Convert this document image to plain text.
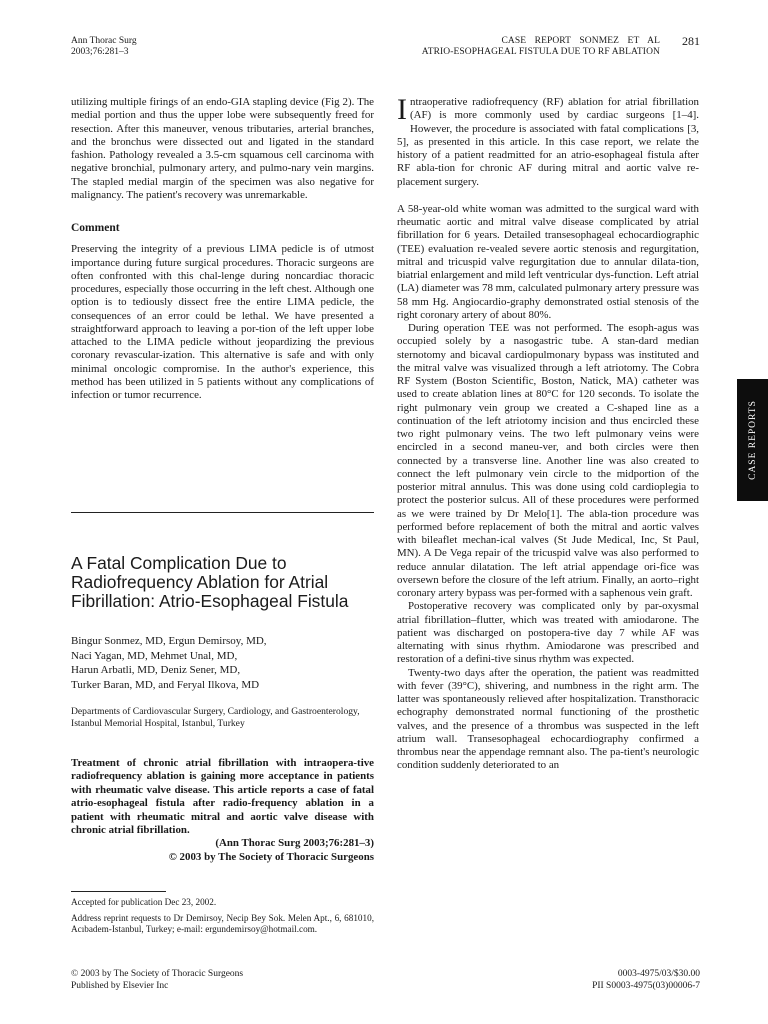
Ann Thorac Surg
2003;76:281–3
CASE REPORT SONMEZ ET AL
ATRIO-ESOPHAGEAL FISTULA DUE TO RF ABLATION
281
CASE REPORTS

utilizing multiple firings of an endo-GIA stapling device (Fig 2). The medial portion and thus the upper lobe were subsequently freed for resection. After this maneuver, venous tributaries, arterial branches, and the bronchus were dissected out and ligated in the standard fashion. Pathology revealed a 3.5-cm squamous cell carcinoma with negative bronchial, pulmonary artery, and pulmo-nary vein margins. The stapled medial margin of the specimen was also negative for malignancy. The patient's recovery was unremarkable.

Comment

Preserving the integrity of a previous LIMA pedicle is of utmost importance during future surgical procedures. Thoracic surgeons are often confronted with this chal-lenge during noncardiac thoracic procedures, especially those occurring in the left chest. Although one option is to tediously dissect free the entire LIMA pedicle, the consequences of an error could be lethal. We have presented a straightforward approach to leaving a por-tion of the left upper lobe attached to the LIMA pedicle without jeopardizing the previous coronary revascular-ization. This alternative is safe and with only minimal oncologic compromise. In the author's experience, this method has been utilized in 5 patients without any complications of infection or tumor recurrence.

A Fatal Complication Due to Radiofrequency Ablation for Atrial Fibrillation: Atrio-Esophageal Fistula
Bingur Sonmez, MD, Ergun Demirsoy, MD,
Naci Yagan, MD, Mehmet Unal, MD,
Harun Arbatli, MD, Deniz Sener, MD,
Turker Baran, MD, and Feryal Ilkova, MD
Departments of Cardiovascular Surgery, Cardiology, and Gastroenterology, Istanbul Memorial Hospital, Istanbul, Turkey
Treatment of chronic atrial fibrillation with intraopera-tive radiofrequency ablation is gaining more acceptance in patients with rheumatic valve disease. This article reports a case of fatal atrio-esophageal fistula after radio-frequency ablation in a patient with rheumatic mitral and aortic valve disease with chronic atrial fibrillation.
(Ann Thorac Surg 2003;76:281–3)
© 2003 by The Society of Thoracic Surgeons
Accepted for publication Dec 23, 2002.
Address reprint requests to Dr Demirsoy, Necip Bey Sok. Melen Apt., 6, 681010, Acıbadem-Istanbul, Turkey; e-mail: ergundemirsoy@hotmail.com.

Intraoperative radiofrequency (RF) ablation for atrial fibrillation (AF) is more commonly used by cardiac surgeons [1–4]. However, the procedure is associated with fatal complications [3, 5], as presented in this article. In this case report, we relate the history of a patient readmitted for an atrio-esophageal fistula after RF abla-tion for chronic AF during mitral and aortic valve re-placement surgery.

A 58-year-old white woman was admitted to the surgical ward with rheumatic aortic and mitral valve disease complicated by atrial fibrillation for 6 years. Detailed transesophageal echocardiographic (TEE) evaluation re-vealed severe aortic stenosis and regurgitation, mitral and tricuspid valve regurgitation due to annular dilata-tion, biatrial enlargement and mild left ventricular dys-function. Left atrial (LA) diameter was 78 mm, calculated pulmonary artery pressure was 58 mm Hg. Angiocardio-graphy demonstrated ostial stenosis of the right coronary artery of about 80%.

During operation TEE was not performed. The esoph-agus was occupied solely by a nasogastric tube. A stan-dard median sternotomy and bicaval cardiopulmonary bypass was instituted and the mitral valve was visualized through a left atriotomy. The Cobra RF System (Boston Scientific, Boston, Natick, MA) catheter was used to create ablation lines at 80°C for 120 seconds. To isolate the right pulmonary vein group we created a C-shaped line as a continuation of the left atriotomy incision and thus encircled these two right pulmonary veins. The two left pulmonary veins were encircled in a second maneu-ver, and both circles were then connected by a transverse line. Another line was also created to connect the left pulmonary vein circle to the midportion of the posterior mitral annulus. This was done using cold cardioplegia to protect the posterior sulcus. All of these procedures were performed as we were trained by Dr Melo[1]. The abla-tion procedure was performed before replacement of both the mitral and aortic valves with bileaflet mechan-ical valves (St Jude Medical, Inc, St Paul, MN). A De Vega repair of the tricuspid valve was also performed to reduce annular dilatation. The left atrial appendage ori-fice was oversewn before the closure of the left atrium. Finally, an aorto–right coronary artery bypass was per-formed with a saphenous vein graft.

Postoperative recovery was complicated only by par-oxysmal atrial fibrillation–flutter, which was treated with amiodarone. The patient was discharged on postopera-tive day 7 while AF was alternating with sinus rhythm. Amiodarone was prescribed and restoration of a defini-tive sinus rhythm was expected.

Twenty-two days after the operation, the patient was readmitted with fever (39°C), shivering, and numbness in the right arm. The latter was spontaneously relieved after hospitalization. Transthoracic echography demonstrated normal functioning of the prosthetic valves, and the presence of a thrombus was suspected in the left atrium wall. Transesophageal echocardiography confirmed a thrombus near the appendage remnant also. The pa-tient's neurologic condition suddenly deteriorated to an

© 2003 by The Society of Thoracic Surgeons
Published by Elsevier Inc
0003-4975/03/$30.00
PII S0003-4975(03)00006-7
